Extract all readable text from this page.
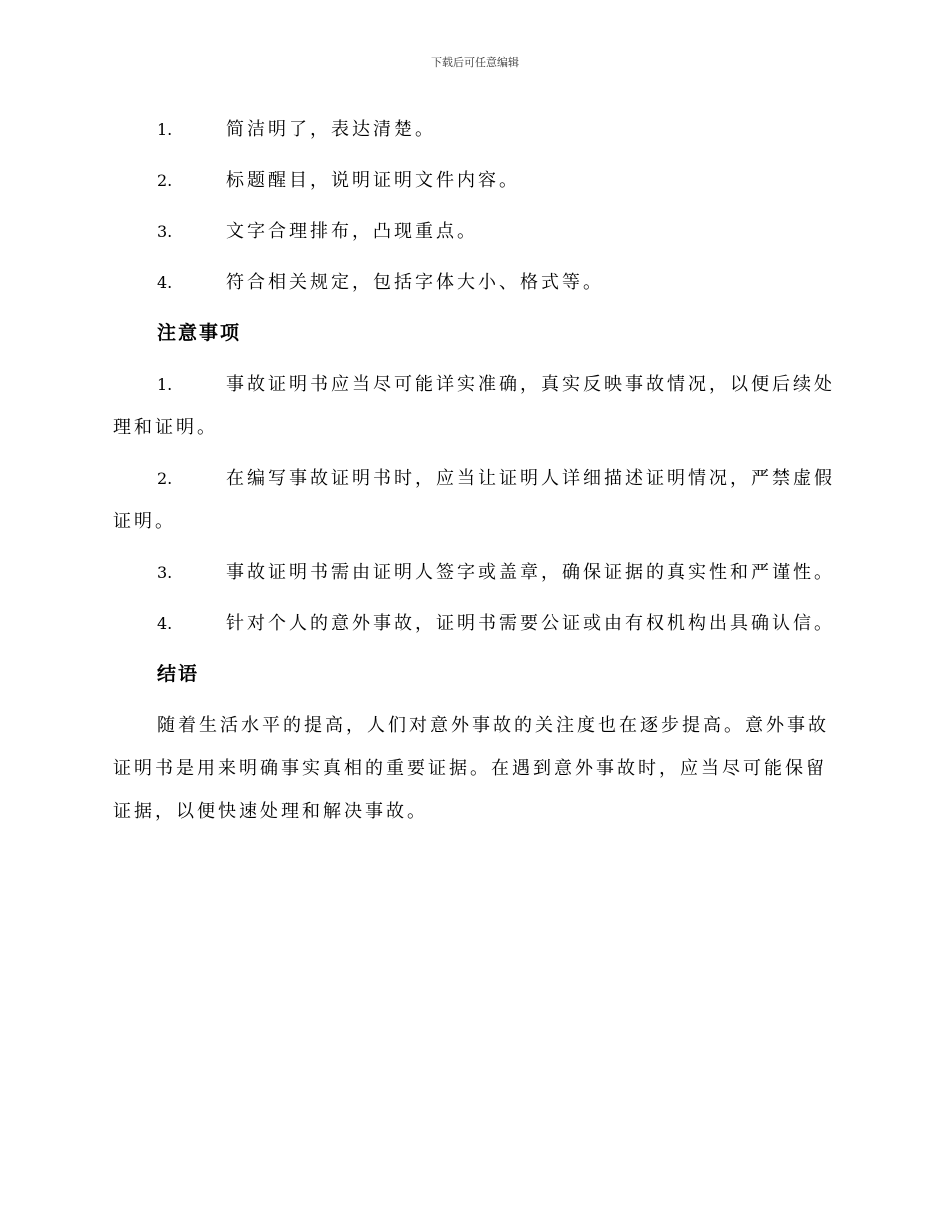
下载后可任意编辑
1.	简洁明了，表达清楚。
2.	标题醒目，说明证明文件内容。
3.	文字合理排布，凸现重点。
4.	符合相关规定，包括字体大小、格式等。
注意事项
1.	事故证明书应当尽可能详实准确，真实反映事故情况，以便后续处理和证明。
2.	在编写事故证明书时，应当让证明人详细描述证明情况，严禁虚假证明。
3.	事故证明书需由证明人签字或盖章，确保证据的真实性和严谨性。
4.	针对个人的意外事故，证明书需要公证或由有权机构出具确认信。
结语

随着生活水平的提高，人们对意外事故的关注度也在逐步提高。意外事故证明书是用来明确事实真相的重要证据。在遇到意外事故时，应当尽可能保留证据，以便快速处理和解决事故。
